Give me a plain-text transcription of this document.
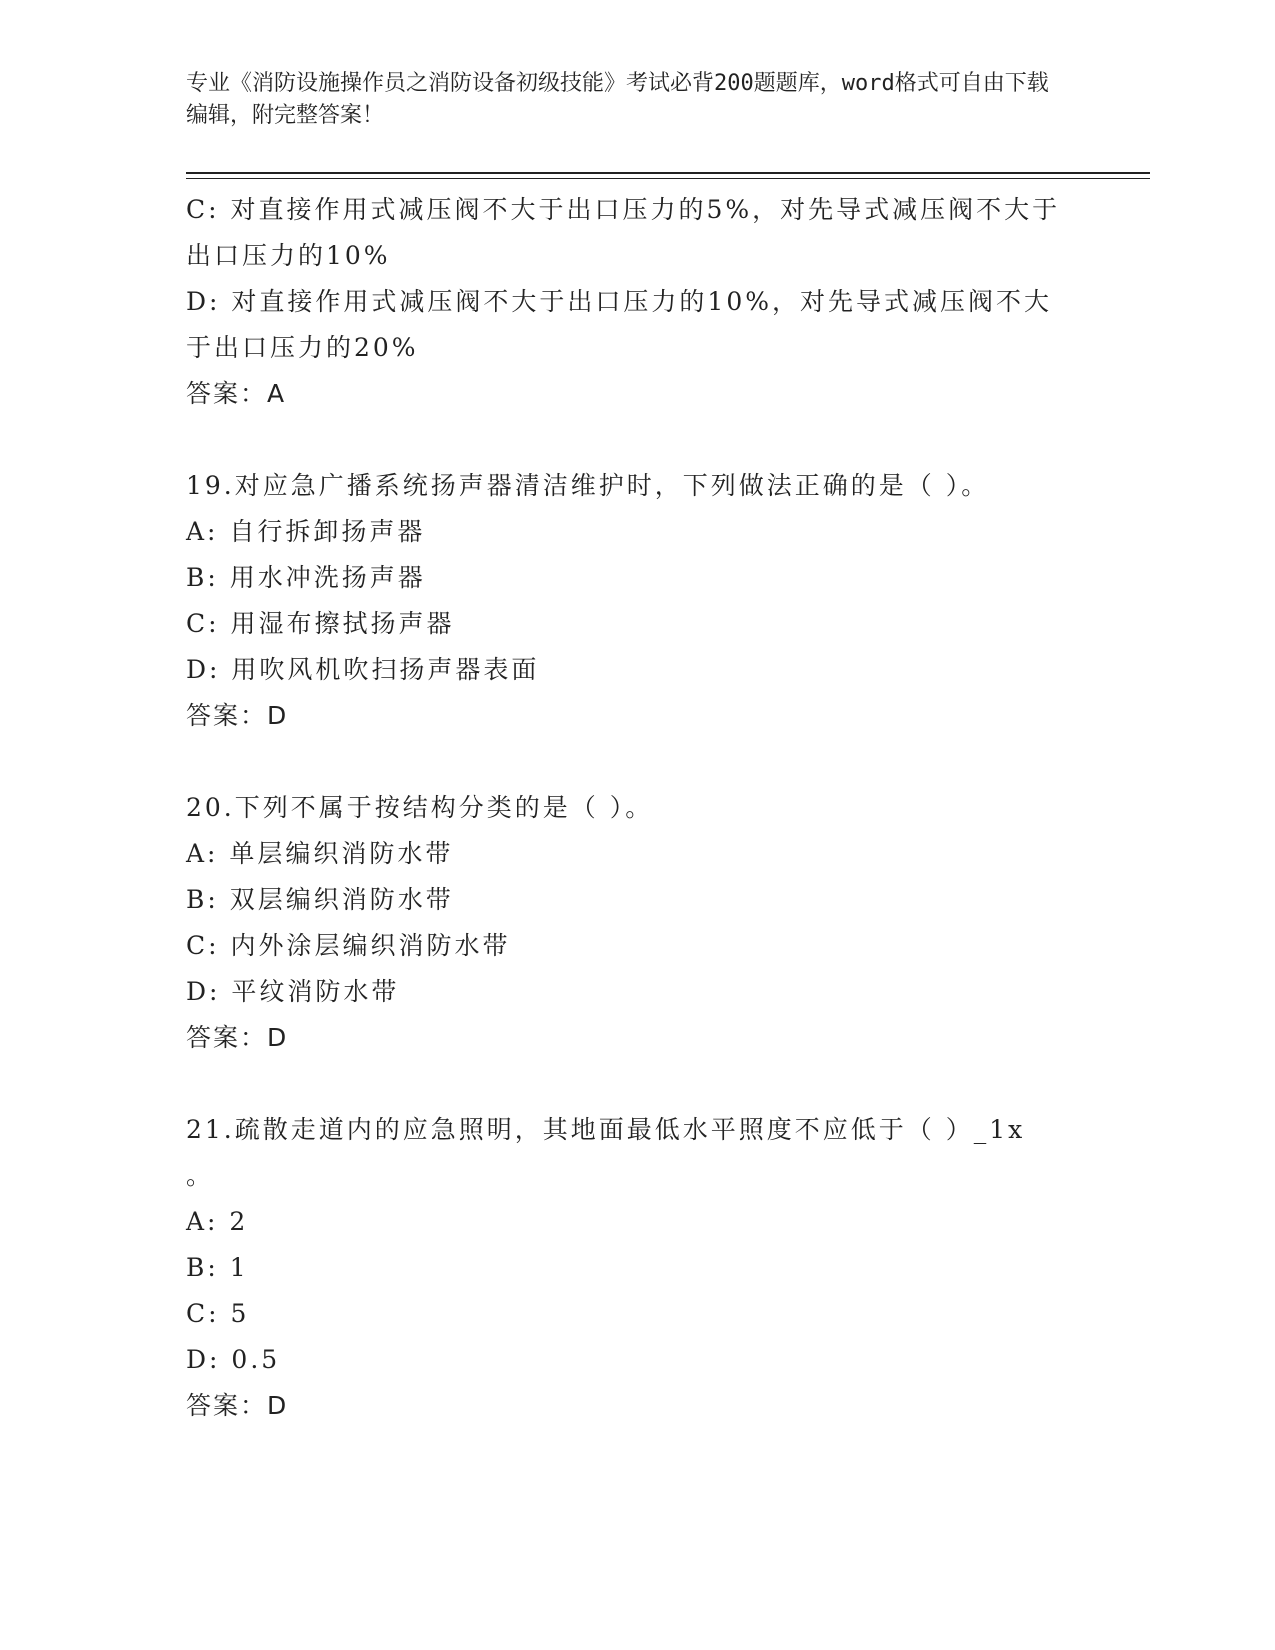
专业《消防设施操作员之消防设备初级技能》考试必背200题题库，word格式可自由下载编辑，附完整答案！

C: 对直接作用式减压阀不大于出口压力的5%，对先导式减压阀不大于

出口压力的10%

D: 对直接作用式减压阀不大于出口压力的10%，对先导式减压阀不大

于出口压力的20%

答案：A

19.对应急广播系统扬声器清洁维护时，下列做法正确的是（ ）。

A: 自行拆卸扬声器

B: 用水冲洗扬声器

C: 用湿布擦拭扬声器

D: 用吹风机吹扫扬声器表面

答案：D

20.下列不属于按结构分类的是（ ）。

A: 单层编织消防水带

B: 双层编织消防水带

C: 内外涂层编织消防水带

D: 平纹消防水带

答案：D

21.疏散走道内的应急照明，其地面最低水平照度不应低于（ ）_1x

。

A: 2

B: 1

C: 5

D: 0.5

答案：D
